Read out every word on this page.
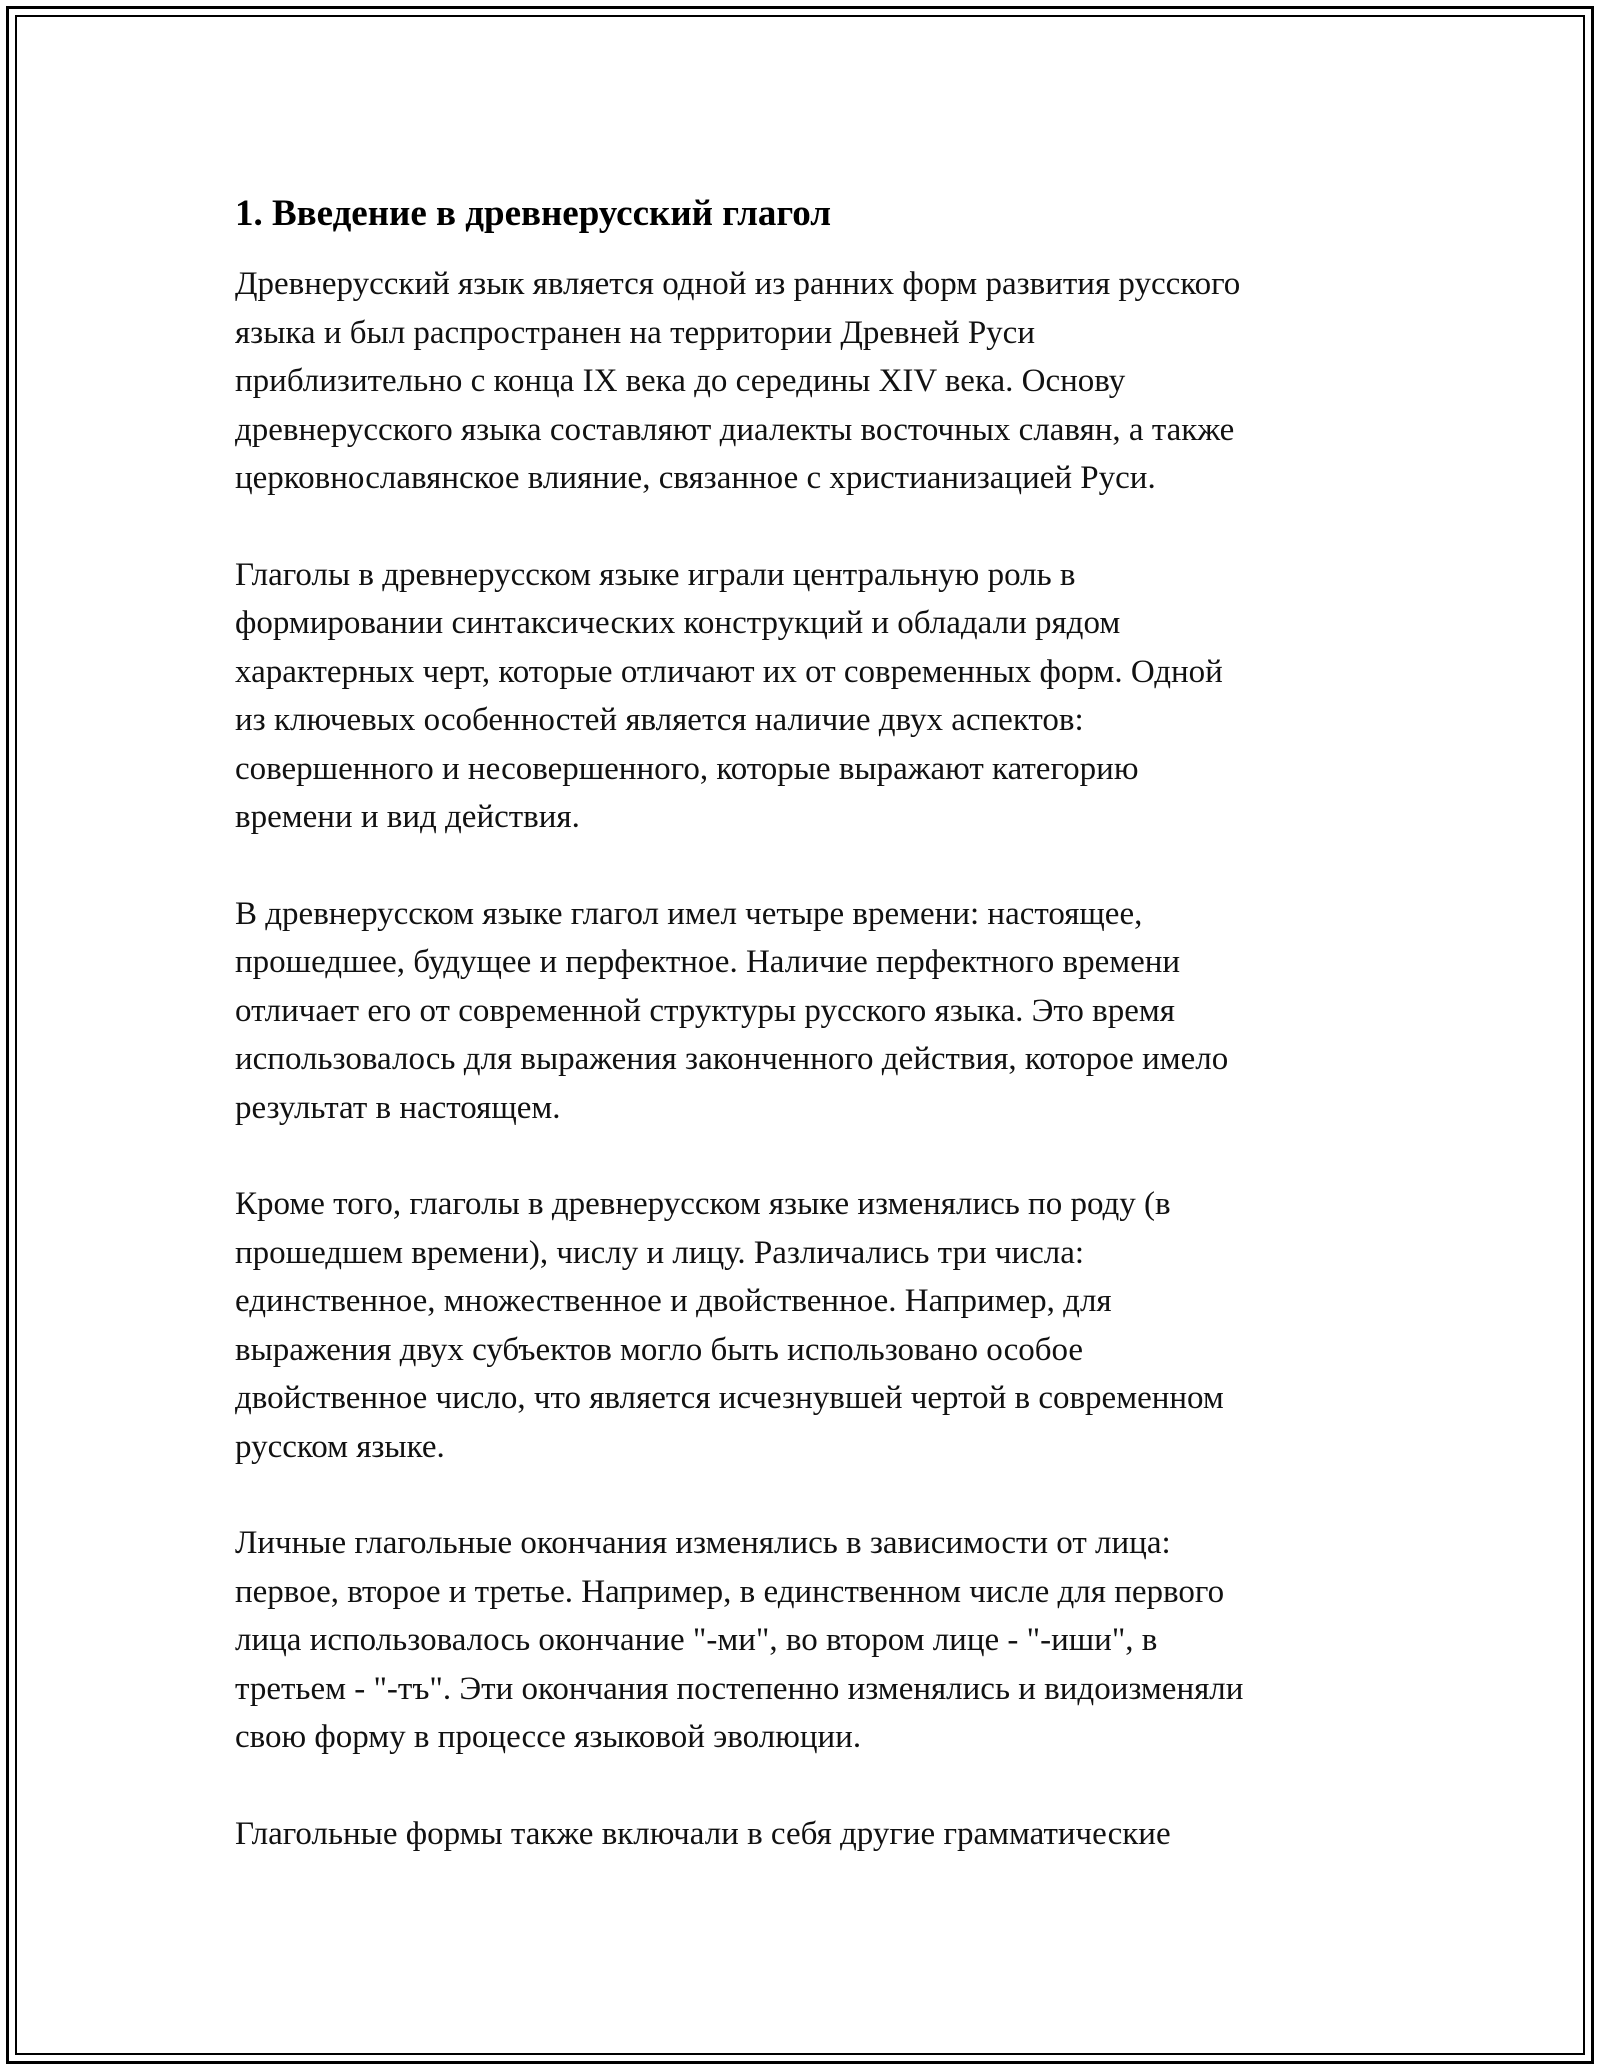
1. Введение в древнерусский глагол

Древнерусский язык является одной из ранних форм развития русского
языка и был распространен на территории Древней Руси
приблизительно с конца IX века до середины XIV века. Основу
древнерусского языка составляют диалекты восточных славян, а также
церковнославянское влияние, связанное с христианизацией Руси.

Глаголы в древнерусском языке играли центральную роль в
формировании синтаксических конструкций и обладали рядом
характерных черт, которые отличают их от современных форм. Одной
из ключевых особенностей является наличие двух аспектов:
совершенного и несовершенного, которые выражают категорию
времени и вид действия.

В древнерусском языке глагол имел четыре времени: настоящее,
прошедшее, будущее и перфектное. Наличие перфектного времени
отличает его от современной структуры русского языка. Это время
использовалось для выражения законченного действия, которое имело
результат в настоящем.

Кроме того, глаголы в древнерусском языке изменялись по роду (в
прошедшем времени), числу и лицу. Различались три числа:
единственное, множественное и двойственное. Например, для
выражения двух субъектов могло быть использовано особое
двойственное число, что является исчезнувшей чертой в современном
русском языке.

Личные глагольные окончания изменялись в зависимости от лица:
первое, второе и третье. Например, в единственном числе для первого
лица использовалось окончание "-ми", во втором лице - "-иши", в
третьем - "-тъ". Эти окончания постепенно изменялись и видоизменяли
свою форму в процессе языковой эволюции.

Глагольные формы также включали в себя другие грамматические
